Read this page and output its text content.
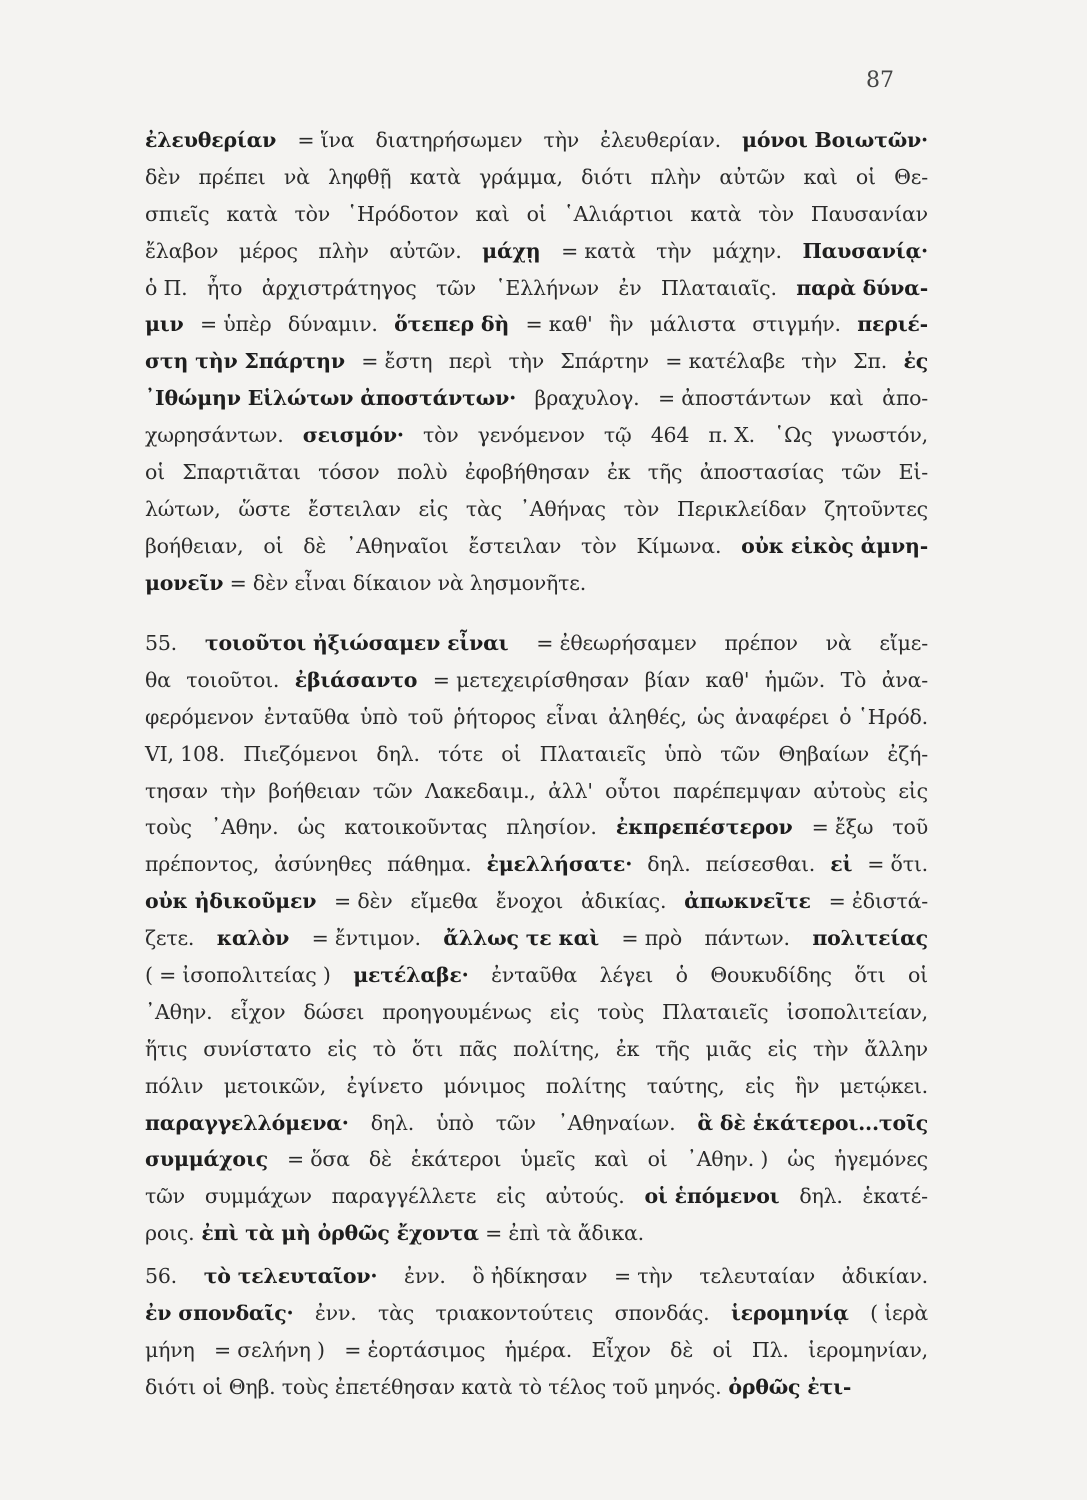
87
ἐλευθερίαν = ἵνα διατηρήσωμεν τὴν ἐλευθερίαν. μόνοι Βοιωτῶν·
δὲν πρέπει νὰ ληφθῇ κατὰ γράμμα, διότι πλὴν αὐτῶν καὶ οἱ Θε-
σπιεῖς κατὰ τὸν ῾Ηρόδοτον καὶ οἱ ῾Αλιάρτιοι κατὰ τὸν Παυσανίαν
ἔλαβον μέρος πλὴν αὐτῶν. μάχῃ = κατὰ τὴν μάχην. Παυσανίᾳ·
ὁ Π. ἦτο ἀρχιστράτηγος τῶν ῾Ελλήνων ἐν Πλαταιαῖς. παρὰ δύνα-
μιν = ὑπὲρ δύναμιν. ὅτεπερ δὴ = καθ' ἣν μάλιστα στιγμήν. περιέ-
στη τὴν Σπάρτην = ἔστη περὶ τὴν Σπάρτην = κατέλαβε τὴν Σπ. ἐς
᾿Ιθώμην Εἱλώτων ἀποστάντων· βραχυλογ. = ἀποστάντων καὶ ἀπο-
χωρησάντων. σεισμόν· τὸν γενόμενον τῷ 464 π. Χ. ῾Ως γνωστόν,
οἱ Σπαρτιᾶται τόσον πολὺ ἐφοβήθησαν ἐκ τῆς ἀποστασίας τῶν Εἱ-
λώτων, ὥστε ἔστειλαν εἰς τὰς ᾿Αθήνας τὸν Περικλείδαν ζητοῦντες
βοήθειαν, οἱ δὲ ᾿Αθηναῖοι ἔστειλαν τὸν Κίμωνα. οὐκ εἰκὸς ἀμνη-
μονεῖν = δὲν εἶναι δίκαιον νὰ λησμονῆτε.
55. τοιοῦτοι ἠξιώσαμεν εἶναι = ἐθεωρήσαμεν πρέπον νὰ εἴμε-
θα τοιοῦτοι. ἐβιάσαντο = μετεχειρίσθησαν βίαν καθ' ἡμῶν. Τὸ ἀνα-
φερόμενον ἐνταῦθα ὑπὸ τοῦ ῥήτορος εἶναι ἀληθές, ὡς ἀναφέρει ὁ ῾Ηρόδ.
VI, 108. Πιεζόμενοι δηλ. τότε οἱ Πλαταιεῖς ὑπὸ τῶν Θηβαίων ἐζή-
τησαν τὴν βοήθειαν τῶν Λακεδαιμ., ἀλλ' οὗτοι παρέπεμψαν αὐτοὺς εἰς
τοὺς ᾿Αθην. ὡς κατοικοῦντας πλησίον. ἐκπρεπέστερον = ἔξω τοῦ
πρέποντος, ἀσύνηθες πάθημα. ἐμελλήσατε· δηλ. πείσεσθαι. εἰ = ὅτι.
οὐκ ἠδικοῦμεν = δὲν εἴμεθα ἔνοχοι ἀδικίας. ἀπωκνεῖτε = ἐδιστά-
ζετε. καλὸν = ἔντιμον. ἄλλως τε καὶ = πρὸ πάντων. πολιτείας
( = ἰσοπολιτείας ) μετέλαβε· ἐνταῦθα λέγει ὁ Θουκυδίδης ὅτι οἱ
᾿Αθην. εἶχον δώσει προηγουμένως εἰς τοὺς Πλαταιεῖς ἰσοπολιτείαν,
ἥτις συνίστατο εἰς τὸ ὅτι πᾶς πολίτης, ἐκ τῆς μιᾶς εἰς τὴν ἄλλην
πόλιν μετοικῶν, ἐγίνετο μόνιμος πολίτης ταύτης, εἰς ἣν μετῴκει.
παραγγελλόμενα· δηλ. ὑπὸ τῶν ᾿Αθηναίων. ἃ δὲ ἑκάτεροι...τοῖς
συμμάχοις = ὅσα δὲ ἑκάτεροι ὑμεῖς καὶ οἱ ᾿Αθην. ) ὡς ἡγεμόνες
τῶν συμμάχων παραγγέλλετε εἰς αὐτούς. οἱ ἑπόμενοι δηλ. ἑκατέ-
ροις. ἐπὶ τὰ μὴ ὀρθῶς ἔχοντα = ἐπὶ τὰ ἄδικα.
56. τὸ τελευταῖον· ἐνν. ὃ ἠδίκησαν = τὴν τελευταίαν ἀδικίαν.
ἐν σπονδαῖς· ἐνν. τὰς τριακοντούτεις σπονδάς. ἱερομηνίᾳ ( ἱερὰ
μήνη = σελήνη ) = ἑορτάσιμος ἡμέρα. Εἶχον δὲ οἱ Πλ. ἱερομηνίαν,
διότι οἱ Θηβ. τοὺς ἐπετέθησαν κατὰ τὸ τέλος τοῦ μηνός. ὀρθῶς ἐτι-
